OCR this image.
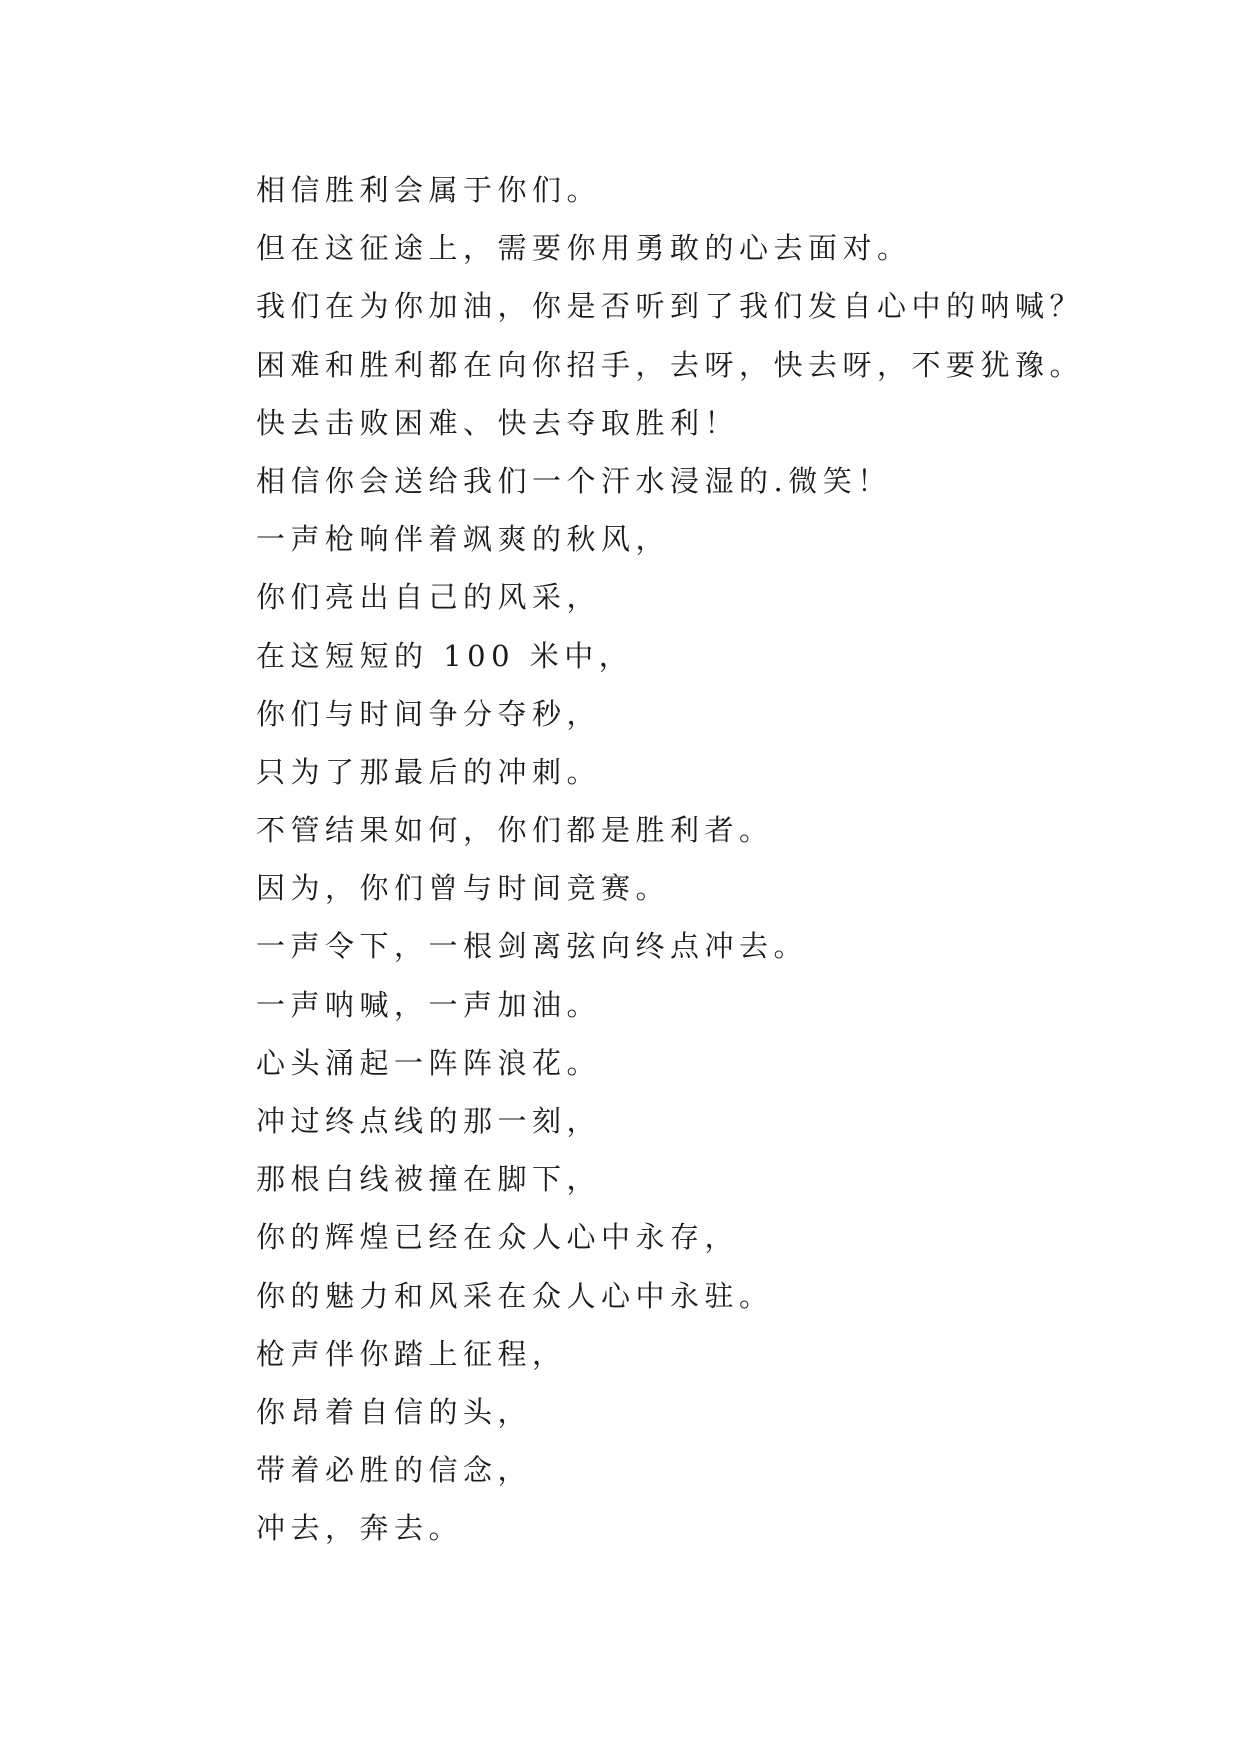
相信胜利会属于你们。
但在这征途上，需要你用勇敢的心去面对。
我们在为你加油，你是否听到了我们发自心中的呐喊？
困难和胜利都在向你招手，去呀，快去呀，不要犹豫。
快去击败困难、快去夺取胜利！
相信你会送给我们一个汗水浸湿的.微笑！
一声枪响伴着飒爽的秋风，
你们亮出自己的风采，
在这短短的 100 米中，
你们与时间争分夺秒，
只为了那最后的冲刺。
不管结果如何，你们都是胜利者。
因为，你们曾与时间竞赛。
一声令下，一根剑离弦向终点冲去。
一声呐喊，一声加油。
心头涌起一阵阵浪花。
冲过终点线的那一刻，
那根白线被撞在脚下，
你的辉煌已经在众人心中永存，
你的魅力和风采在众人心中永驻。
枪声伴你踏上征程，
你昂着自信的头，
带着必胜的信念，
冲去，奔去。
